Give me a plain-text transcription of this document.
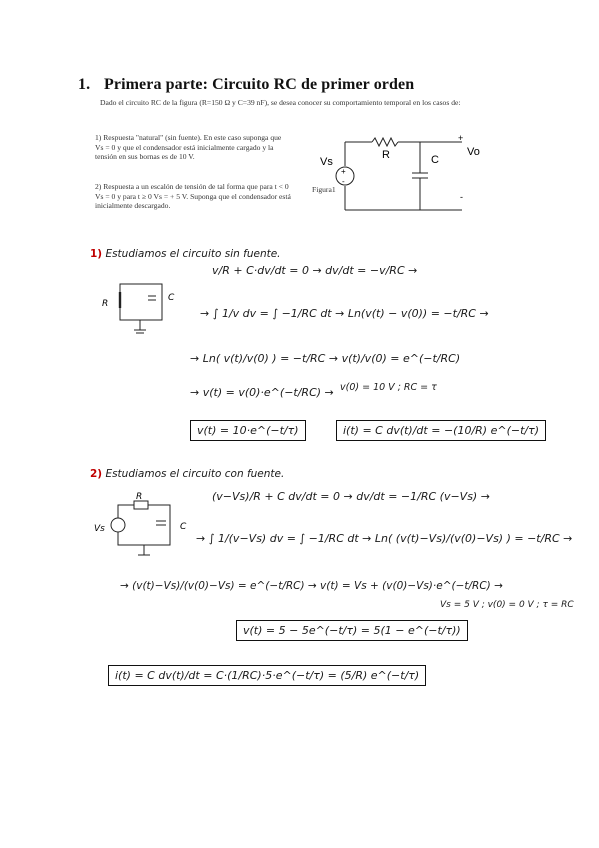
1. Primera parte: Circuito RC de primer orden
Dado el circuito RC de la figura (R=150 Ω y C=39 nF), se desea conocer su comportamiento temporal en los casos de:
1) Respuesta "natural" (sin fuente). En este caso suponga que Vs = 0 y que el condensador está inicialmente cargado y la tensión en sus bornas es de 10 V.
2) Respuesta a un escalón de tensión de tal forma que para t < 0 Vs = 0 y para t ≥ 0 Vs = + 5 V. Suponga que el condensador está inicialmente descargado.
+
-
Vs
R	C
+
Vo
-
Figura1
1) Estudiamos el circuito sin fuente.
R
C
v/R + C·dv/dt = 0 → dv/dt = −v/RC →
→ ∫ 1/v dv = ∫ −1/RC dt → Ln(v(t) − v(0)) = −t/RC →
→ Ln( v(t)/v(0) ) = −t/RC → v(t)/v(0) = e^(−t/RC)
→ v(t) = v(0)·e^(−t/RC) → v(0) = 10 V ; RC = τ
v(t) = 10·e^(−t/τ)	i(t) = C dv(t)/dt = −(10/R) e^(−t/τ)
2) Estudiamos el circuito con fuente.
Vs
R
C
(v−Vs)/R + C dv/dt = 0 → dv/dt = −1/RC (v−Vs) →
→ ∫ 1/(v−Vs) dv = ∫ −1/RC dt → Ln( (v(t)−Vs)/(v(0)−Vs) ) = −t/RC →
→ (v(t)−Vs)/(v(0)−Vs) = e^(−t/RC) → v(t) = Vs + (v(0)−Vs)·e^(−t/RC) →
Vs = 5 V ; v(0) = 0 V ; τ = RC
v(t) = 5 − 5e^(−t/τ) = 5(1 − e^(−t/τ))
i(t) = C dv(t)/dt = C·(1/RC)·5·e^(−t/τ) = (5/R) e^(−t/τ)
